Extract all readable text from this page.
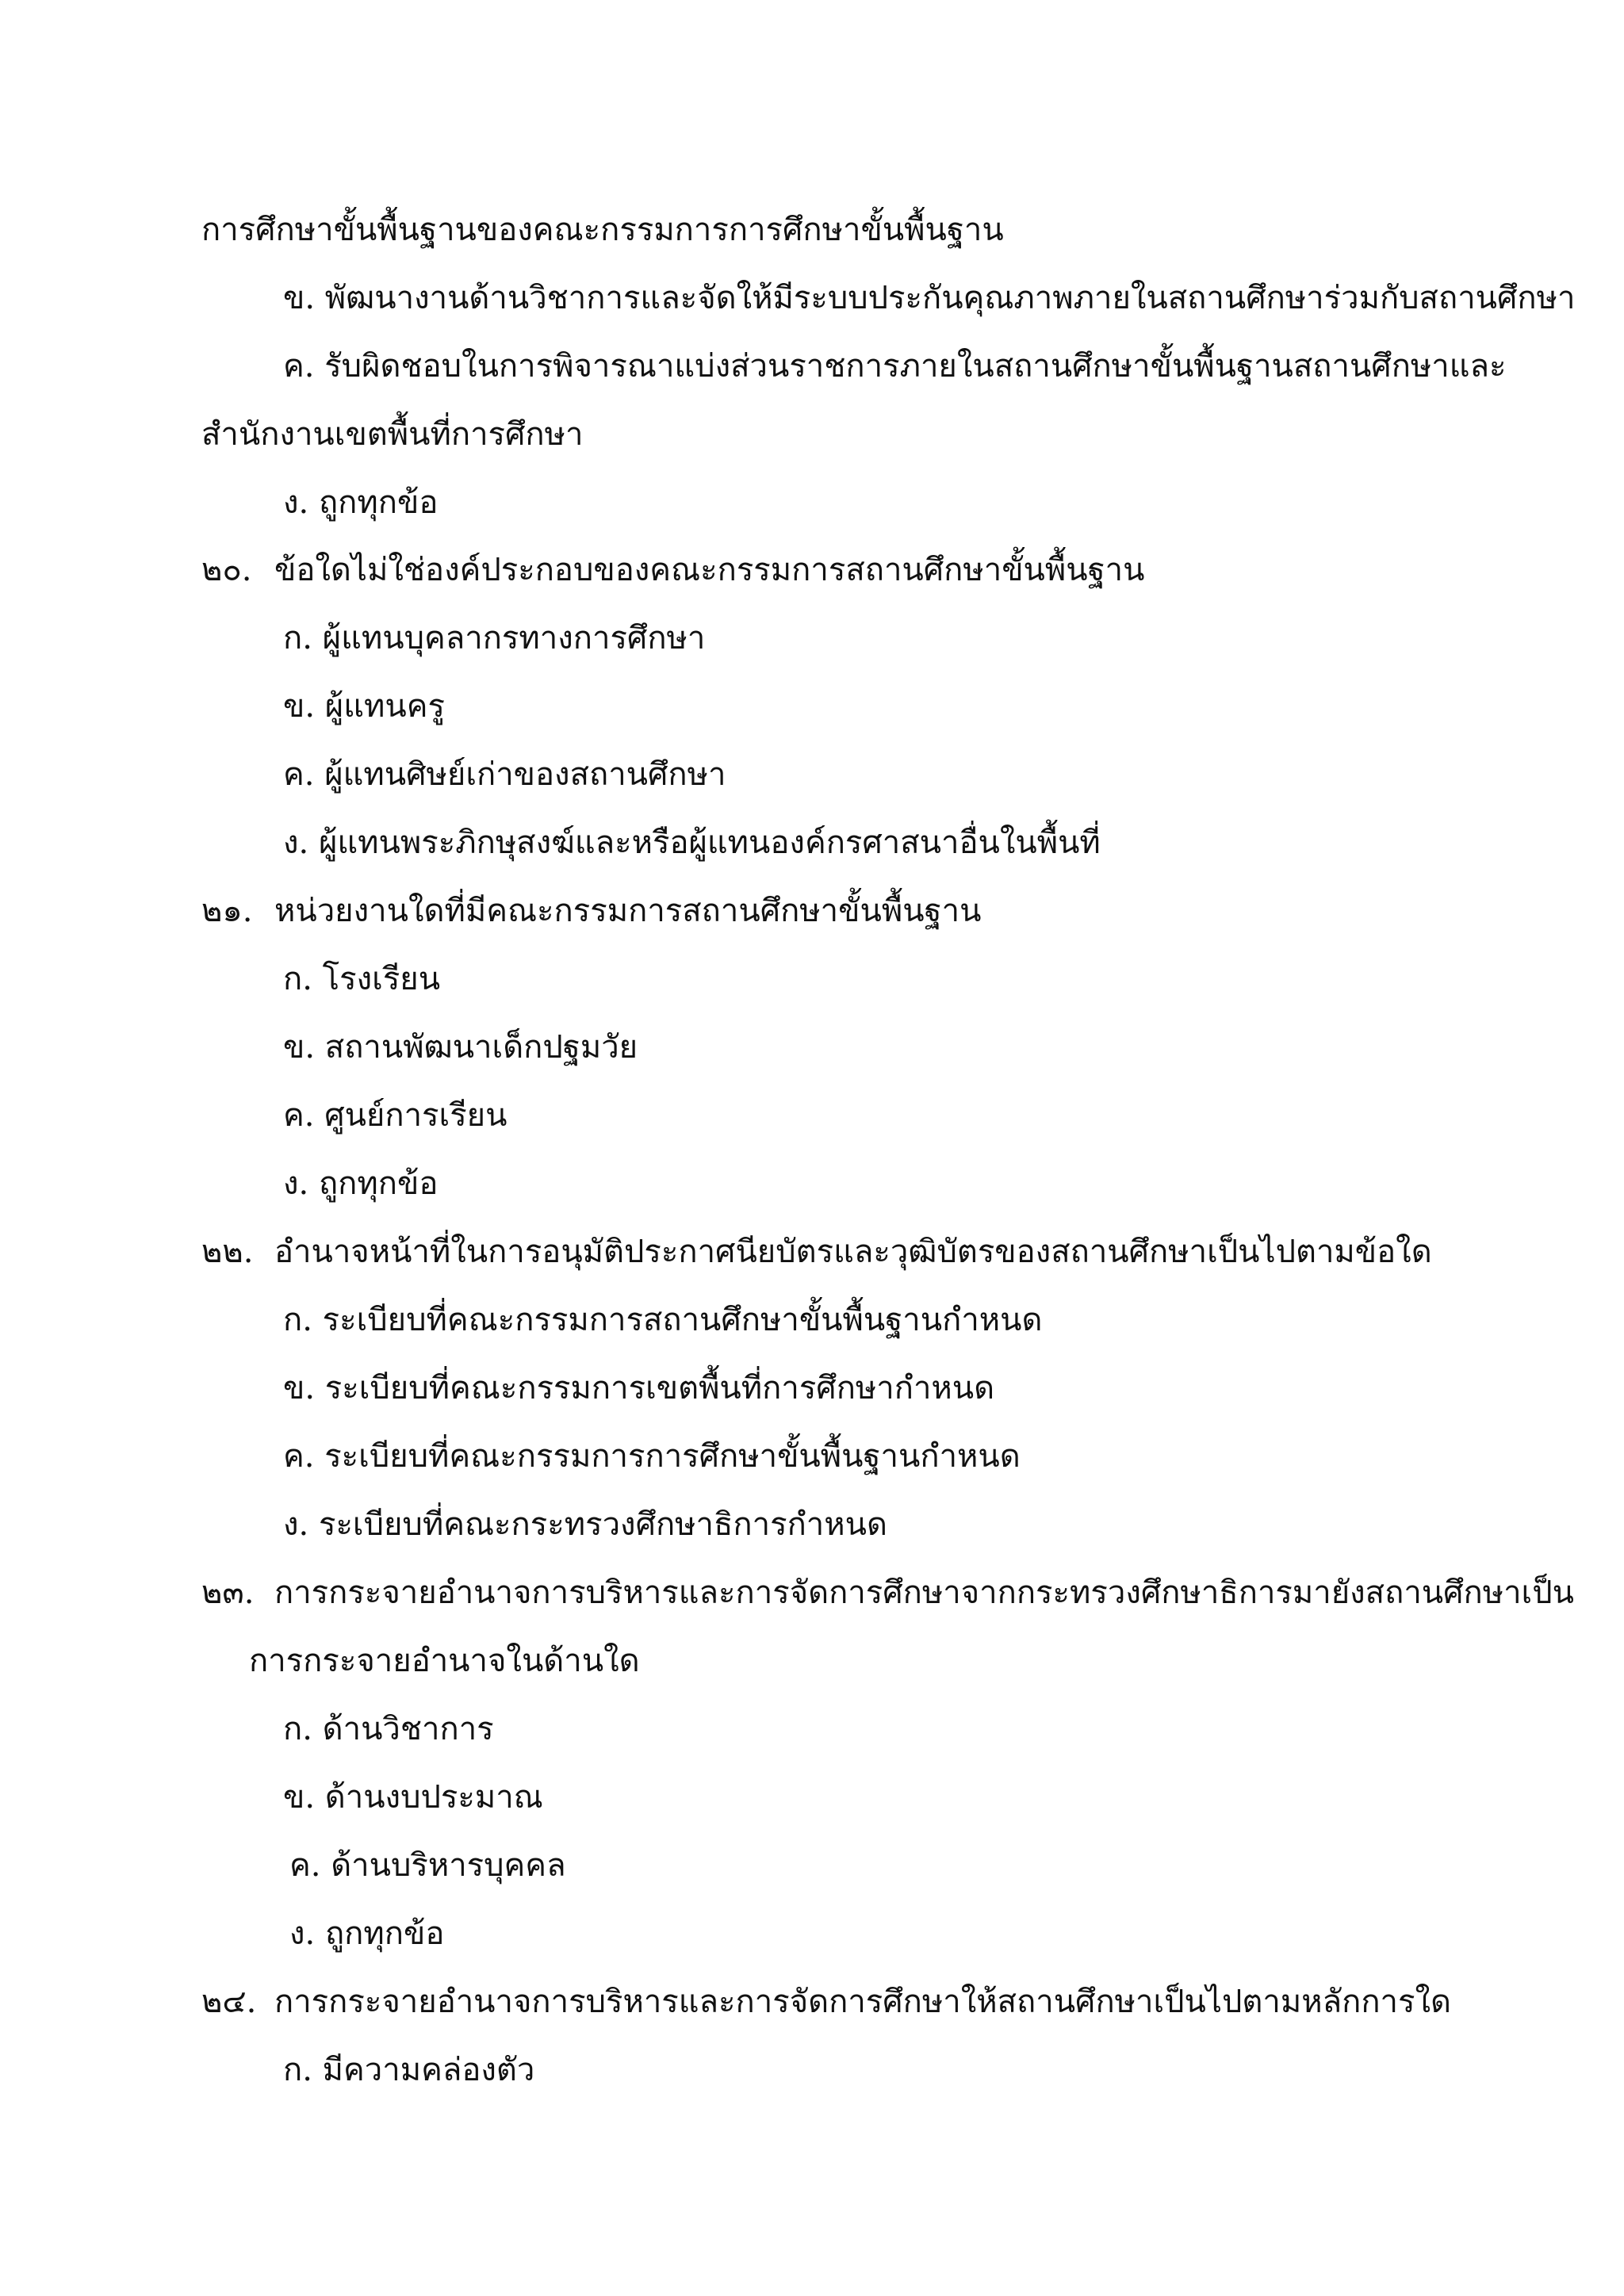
การศึกษาขั้นพื้นฐานของคณะกรรมการการศึกษาขั้นพื้นฐาน
ข. พัฒนางานด้านวิชาการและจัดให้มีระบบประกันคุณภาพภายในสถานศึกษาร่วมกับสถานศึกษา
ค. รับผิดชอบในการพิจารณาแบ่งส่วนราชการภายในสถานศึกษาขั้นพื้นฐานสถานศึกษาและ
สำนักงานเขตพื้นที่การศึกษา
ง. ถูกทุกข้อ
๒๐. ข้อใดไม่ใช่องค์ประกอบของคณะกรรมการสถานศึกษาขั้นพื้นฐาน
ก. ผู้แทนบุคลากรทางการศึกษา
ข. ผู้แทนครู
ค. ผู้แทนศิษย์เก่าของสถานศึกษา
ง. ผู้แทนพระภิกษุสงฆ์และหรือผู้แทนองค์กรศาสนาอื่นในพื้นที่
๒๑. หน่วยงานใดที่มีคณะกรรมการสถานศึกษาขั้นพื้นฐาน
ก. โรงเรียน
ข. สถานพัฒนาเด็กปฐมวัย
ค. ศูนย์การเรียน
ง. ถูกทุกข้อ
๒๒. อำนาจหน้าที่ในการอนุมัติประกาศนียบัตรและวุฒิบัตรของสถานศึกษาเป็นไปตามข้อใด
ก. ระเบียบที่คณะกรรมการสถานศึกษาขั้นพื้นฐานกำหนด
ข. ระเบียบที่คณะกรรมการเขตพื้นที่การศึกษากำหนด
ค. ระเบียบที่คณะกรรมการการศึกษาขั้นพื้นฐานกำหนด
ง. ระเบียบที่คณะกระทรวงศึกษาธิการกำหนด
๒๓. การกระจายอำนาจการบริหารและการจัดการศึกษาจากกระทรวงศึกษาธิการมายังสถานศึกษาเป็น
การกระจายอำนาจในด้านใด
ก. ด้านวิชาการ
ข. ด้านงบประมาณ
ค. ด้านบริหารบุคคล
ง. ถูกทุกข้อ
๒๔. การกระจายอำนาจการบริหารและการจัดการศึกษาให้สถานศึกษาเป็นไปตามหลักการใด
ก. มีความคล่องตัว
